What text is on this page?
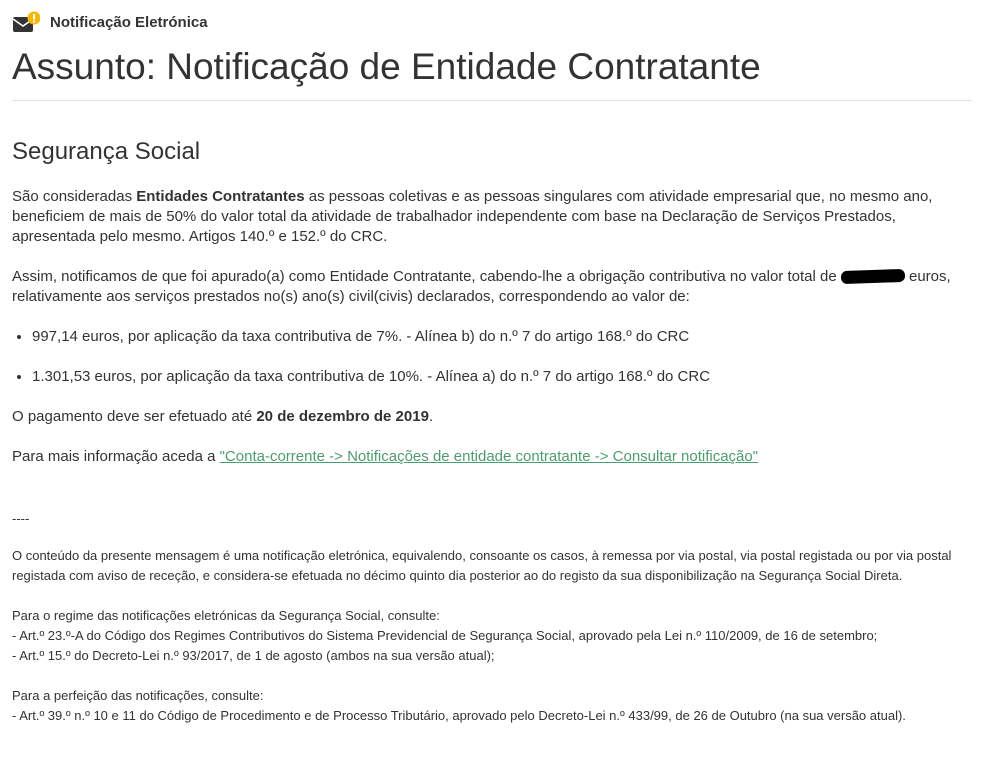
Notificação Eletrónica
Assunto: Notificação de Entidade Contratante
Segurança Social

São consideradas Entidades Contratantes as pessoas coletivas e as pessoas singulares com atividade empresarial que, no mesmo ano, beneficiem de mais de 50% do valor total da atividade de trabalhador independente com base na Declaração de Serviços Prestados, apresentada pelo mesmo. Artigos 140.º e 152.º do CRC.

Assim, notificamos de que foi apurado(a) como Entidade Contratante, cabendo-lhe a obrigação contributiva no valor total de	euros, relativamente aos serviços prestados no(s) ano(s) civil(civis) declarados, correspondendo ao valor de:

• 997,14 euros, por aplicação da taxa contributiva de 7%. - Alínea b) do n.º 7 do artigo 168.º do CRC
• 1.301,53 euros, por aplicação da taxa contributiva de 10%. - Alínea a) do n.º 7 do artigo 168.º do CRC

O pagamento deve ser efetuado até 20 de dezembro de 2019.

Para mais informação aceda a "Conta-corrente -> Notificações de entidade contratante -> Consultar notificação"

----

O conteúdo da presente mensagem é uma notificação eletrónica, equivalendo, consoante os casos, à remessa por via postal, via postal registada ou por via postal registada com aviso de receção, e considera-se efetuada no décimo quinto dia posterior ao do registo da sua disponibilização na Segurança Social Direta.

Para o regime das notificações eletrónicas da Segurança Social, consulte:
- Art.º 23.º-A do Código dos Regimes Contributivos do Sistema Previdencial de Segurança Social, aprovado pela Lei n.º 110/2009, de 16 de setembro;
- Art.º 15.º do Decreto-Lei n.º 93/2017, de 1 de agosto (ambos na sua versão atual);

Para a perfeição das notificações, consulte:
- Art.º 39.º n.º 10 e 11 do Código de Procedimento e de Processo Tributário, aprovado pelo Decreto-Lei n.º 433/99, de 26 de Outubro (na sua versão atual).
